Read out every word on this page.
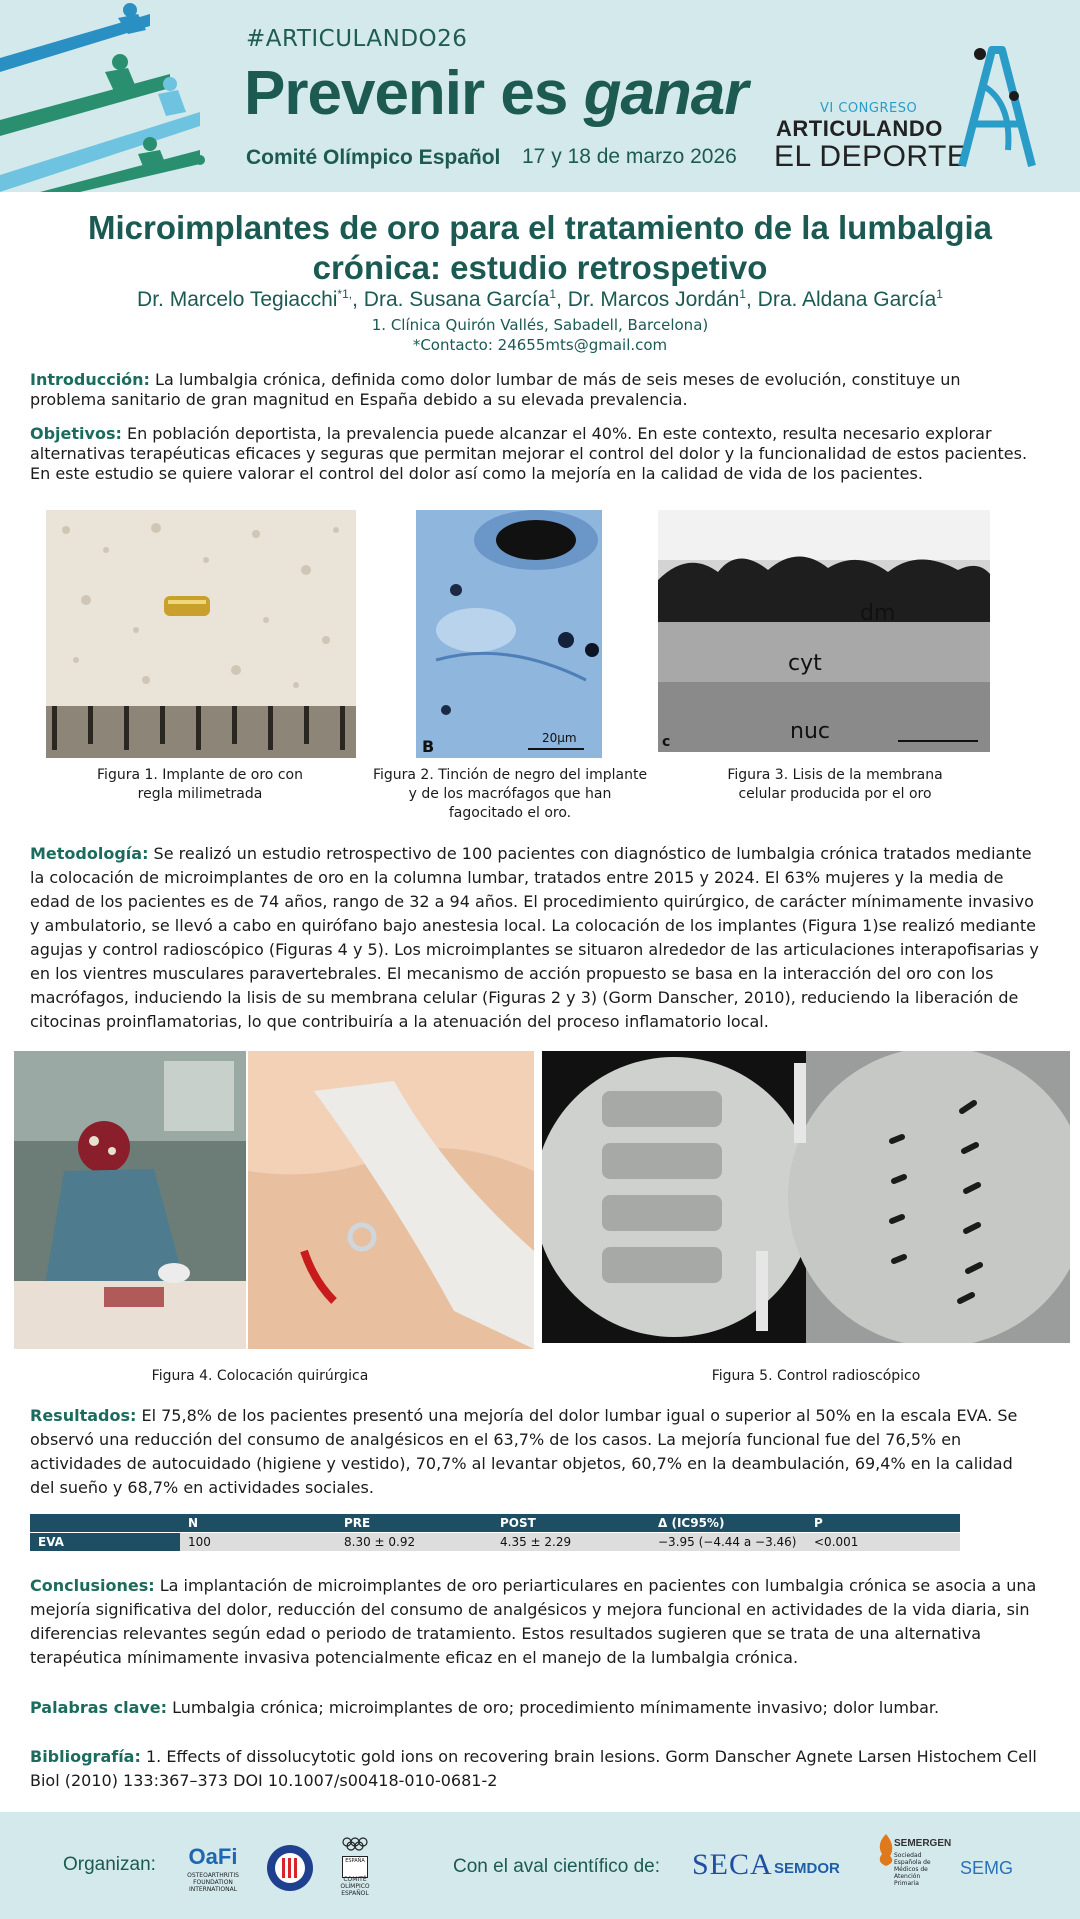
#ARTICULANDO26
Prevenir es ganar
Comité Olímpico Español 17 y 18 de marzo 2026
VI CONGRESO
ARTICULANDO
EL DEPORTE
Microimplantes de oro para el tratamiento de la lumbalgia
crónica: estudio retrospetivo
Dr. Marcelo Tegiacchi$^{*1,}$, Dra. Susana García$^1$, Dr. Marcos Jordán$^1$, Dra. Aldana García$^1$
1. Clínica Quirón Vallés, Sabadell, Barcelona)
*Contacto: 24655mts@gmail.com
Introducción: La lumbalgia crónica, definida como dolor lumbar de más de seis meses de evolución, constituye un problema sanitario de gran magnitud en España debido a su elevada prevalencia.
Objetivos: En población deportista, la prevalencia puede alcanzar el 40%. En este contexto, resulta necesario explorar alternativas terapéuticas eficaces y seguras que permitan mejorar el control del dolor y la funcionalidad de estos pacientes. En este estudio se quiere valorar el control del dolor así como la mejoría en la calidad de vida de los pacientes.
B	20µm
dm
cyt
nuc
c
Figura 1. Implante de oro con
regla milimetrada
Figura 2. Tinción de negro del implante
y de los macrófagos que han
fagocitado el oro.
Figura 3. Lisis de la membrana
celular producida por el oro
Metodología: Se realizó un estudio retrospectivo de 100 pacientes con diagnóstico de lumbalgia crónica tratados mediante la colocación de microimplantes de oro en la columna lumbar, tratados entre 2015 y 2024. El 63% mujeres y la media de edad de los pacientes es de 74 años, rango de 32 a 94 años. El procedimiento quirúrgico, de carácter mínimamente invasivo y ambulatorio, se llevó a cabo en quirófano bajo anestesia local. La colocación de los implantes (Figura 1)se realizó mediante agujas y control radioscópico (Figuras 4 y 5). Los microimplantes se situaron alrededor de las articulaciones interapofisarias y en los vientres musculares paravertebrales. El mecanismo de acción propuesto se basa en la interacción del oro con los macrófagos, induciendo la lisis de su membrana celular (Figuras 2 y 3) (Gorm Danscher, 2010), reduciendo la liberación de citocinas proinflamatorias, lo que contribuiría a la atenuación del proceso inflamatorio local.
Figura 4. Colocación quirúrgica	Figura 5. Control radioscópico
Resultados: El 75,8% de los pacientes presentó una mejoría del dolor lumbar igual o superior al 50% en la escala EVA. Se observó una reducción del consumo de analgésicos en el 63,7% de los casos. La mejoría funcional fue del 76,5% en actividades de autocuidado (higiene y vestido), 70,7% al levantar objetos, 60,7% en la deambulación, 69,4% en la calidad del sueño y 68,7% en actividades sociales.
	N	PRE	POST	Δ (IC95%)	P
EVA	100	8.30 ± 0.92	4.35 ± 2.29	−3.95 (−4.44 a −3.46)	<0.001
Conclusiones: La implantación de microimplantes de oro periarticulares en pacientes con lumbalgia crónica se asocia a una mejoría significativa del dolor, reducción del consumo de analgésicos y mejora funcional en actividades de la vida diaria, sin diferencias relevantes según edad o periodo de tratamiento. Estos resultados sugieren que se trata de una alternativa terapéutica mínimamente invasiva potencialmente eficaz en el manejo de la lumbalgia crónica.
Palabras clave: Lumbalgia crónica; microimplantes de oro; procedimiento mínimamente invasivo; dolor lumbar.
Bibliografía: 1. Effects of dissolucytotic gold ions on recovering brain lesions. Gorm Danscher Agnete Larsen Histochem Cell Biol (2010) 133:367–373 DOI 10.1007/s00418-010-0681-2
Organizan: OaFi
OSTEOARTHRITIS FOUNDATION INTERNATIONAL
ESPAÑA
COMITÉ OLÍMPICO ESPAÑOL
Con el aval científico de: SECA SEMDOR
SEMERGEN
Sociedad Española de Médicos de Atención Primaria
SEMG
